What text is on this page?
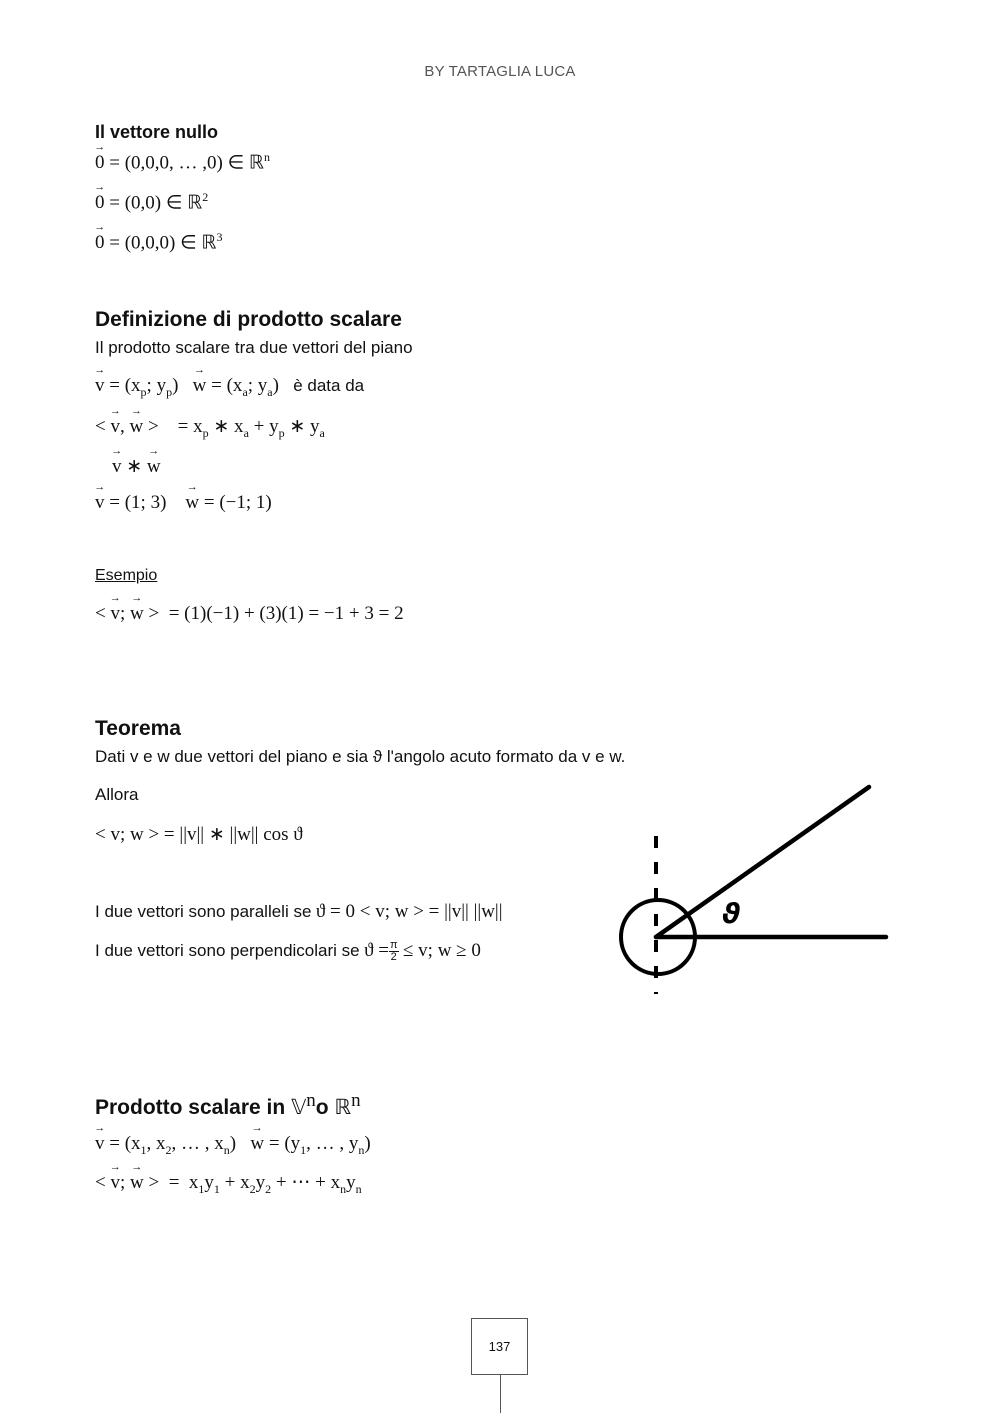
BY TARTAGLIA LUCA
Il vettore nullo
→ 0 = (0,0,0, … ,0) ∈ ℝ$^n$
→ 0 = (0,0) ∈ ℝ$^2$
→ 0 = (0,0,0) ∈ ℝ$^3$
Definizione di prodotto scalare
Il prodotto scalare tra due vettori del piano
→ $v = (x_p$; $y_p) \to w = (x_a$; $y_a$)   è data da
< → v, → w >    = $x_p$ ∗ $x_a + y_p$ ∗ $y_a$
→ v ∗ → w
→ v = (1; 3) → w = (−1; 1)
Esempio
< → v; → w >  = (1)(−1) + (3)(1) = −1 + 3 = 2
Teorema
Dati v e w due vettori del piano e sia ϑ l'angolo acuto formato da v e w.
Allora
< v; w > = ||v|| ∗ ||w|| cos ϑ
I due vettori sono paralleli se ϑ = 0 < v; w > = ||v|| ||w||
I due vettori sono perpendicolari se $ϑ = \frac{\pi}{2} \le v$; w ≥ 0
ϑ
Prodotto scalare in 𝕍$^n$o ℝ$^n$
→ $v = (x_1$, $x_2$, … , $x_n) \to w = (y_1$, … , $y_n$)
< → v; → w >  =  $x_1y_1 + x_2y_2$ + ⋯ + $x_ny_n$
137
